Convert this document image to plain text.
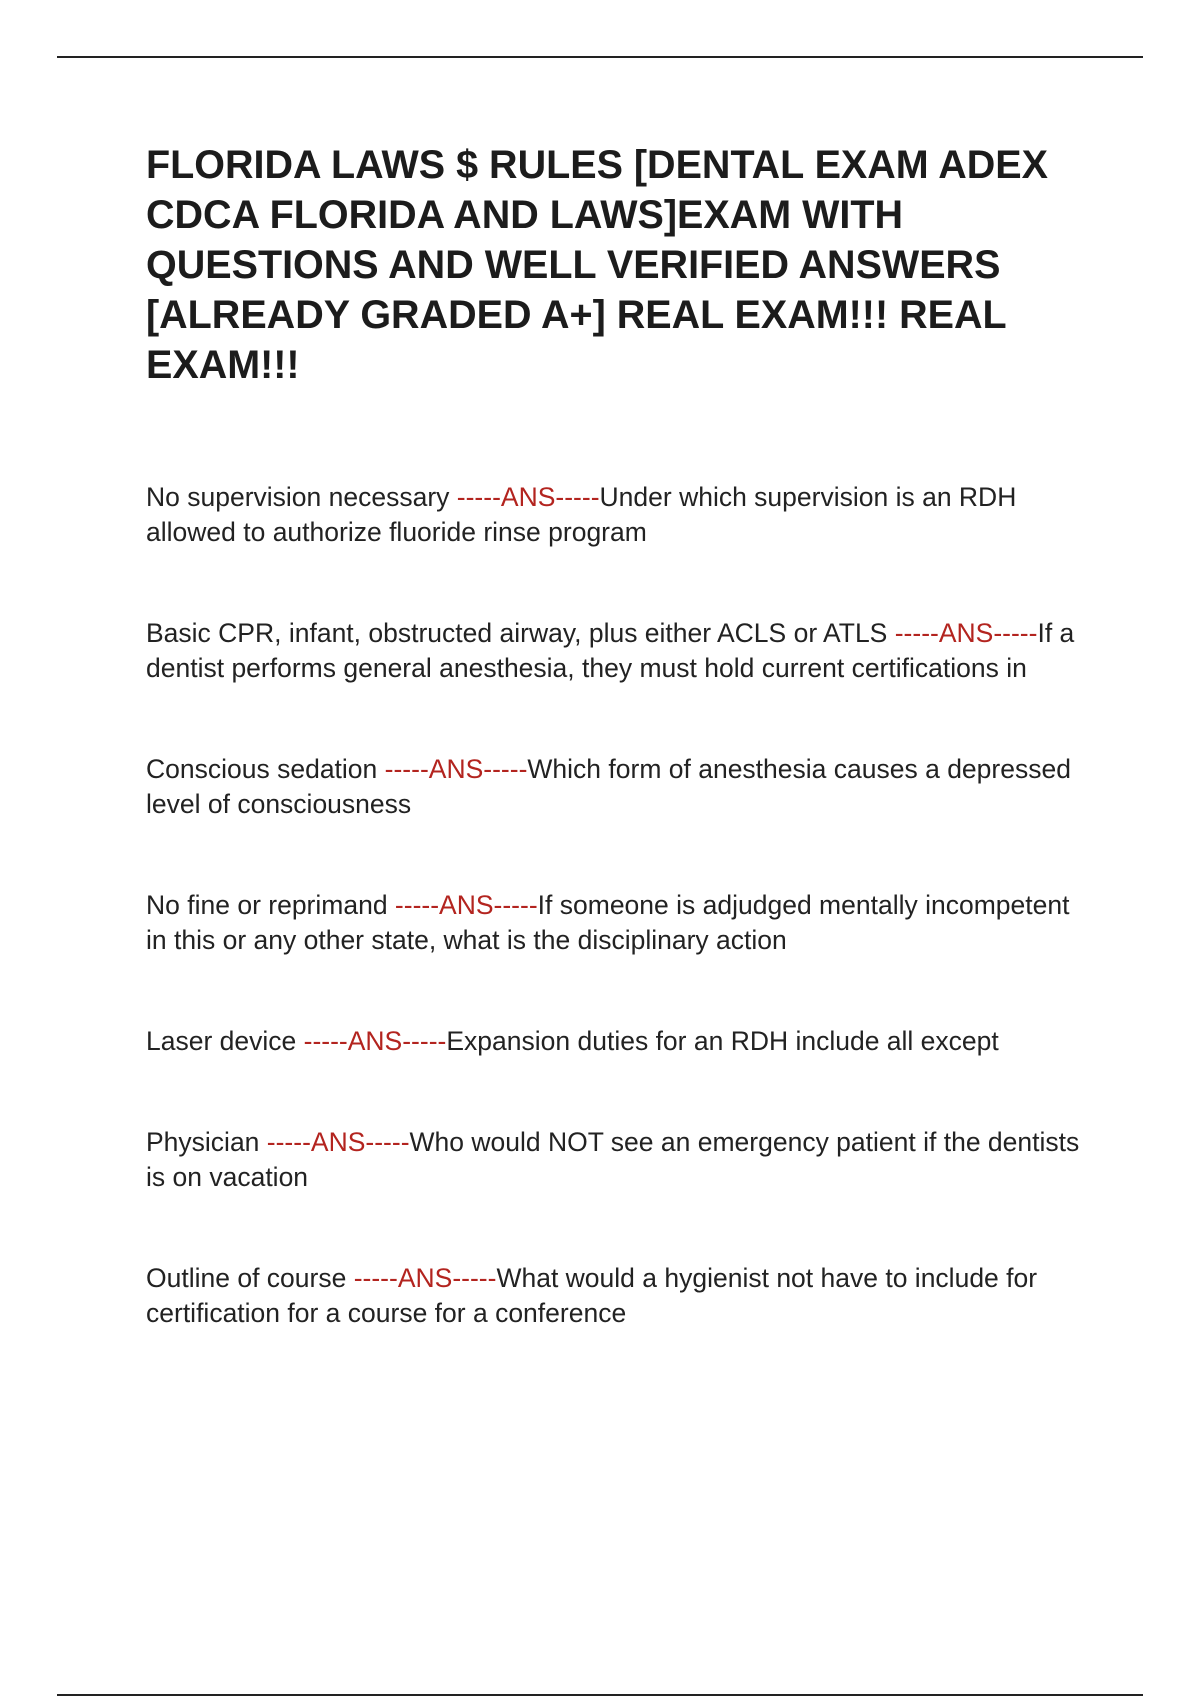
FLORIDA LAWS $ RULES [DENTAL EXAM ADEX CDCA FLORIDA AND LAWS]EXAM WITH QUESTIONS AND WELL VERIFIED ANSWERS [ALREADY GRADED A+] REAL EXAM!!! REAL EXAM!!!

No supervision necessary -----ANS-----Under which supervision is an RDH allowed to authorize fluoride rinse program

Basic CPR, infant, obstructed airway, plus either ACLS or ATLS -----ANS-----If a dentist performs general anesthesia, they must hold current certifications in

Conscious sedation -----ANS-----Which form of anesthesia causes a depressed level of consciousness

No fine or reprimand -----ANS-----If someone is adjudged mentally incompetent in this or any other state, what is the disciplinary action

Laser device -----ANS-----Expansion duties for an RDH include all except

Physician -----ANS-----Who would NOT see an emergency patient if the dentists is on vacation

Outline of course -----ANS-----What would a hygienist not have to include for certification for a course for a conference
